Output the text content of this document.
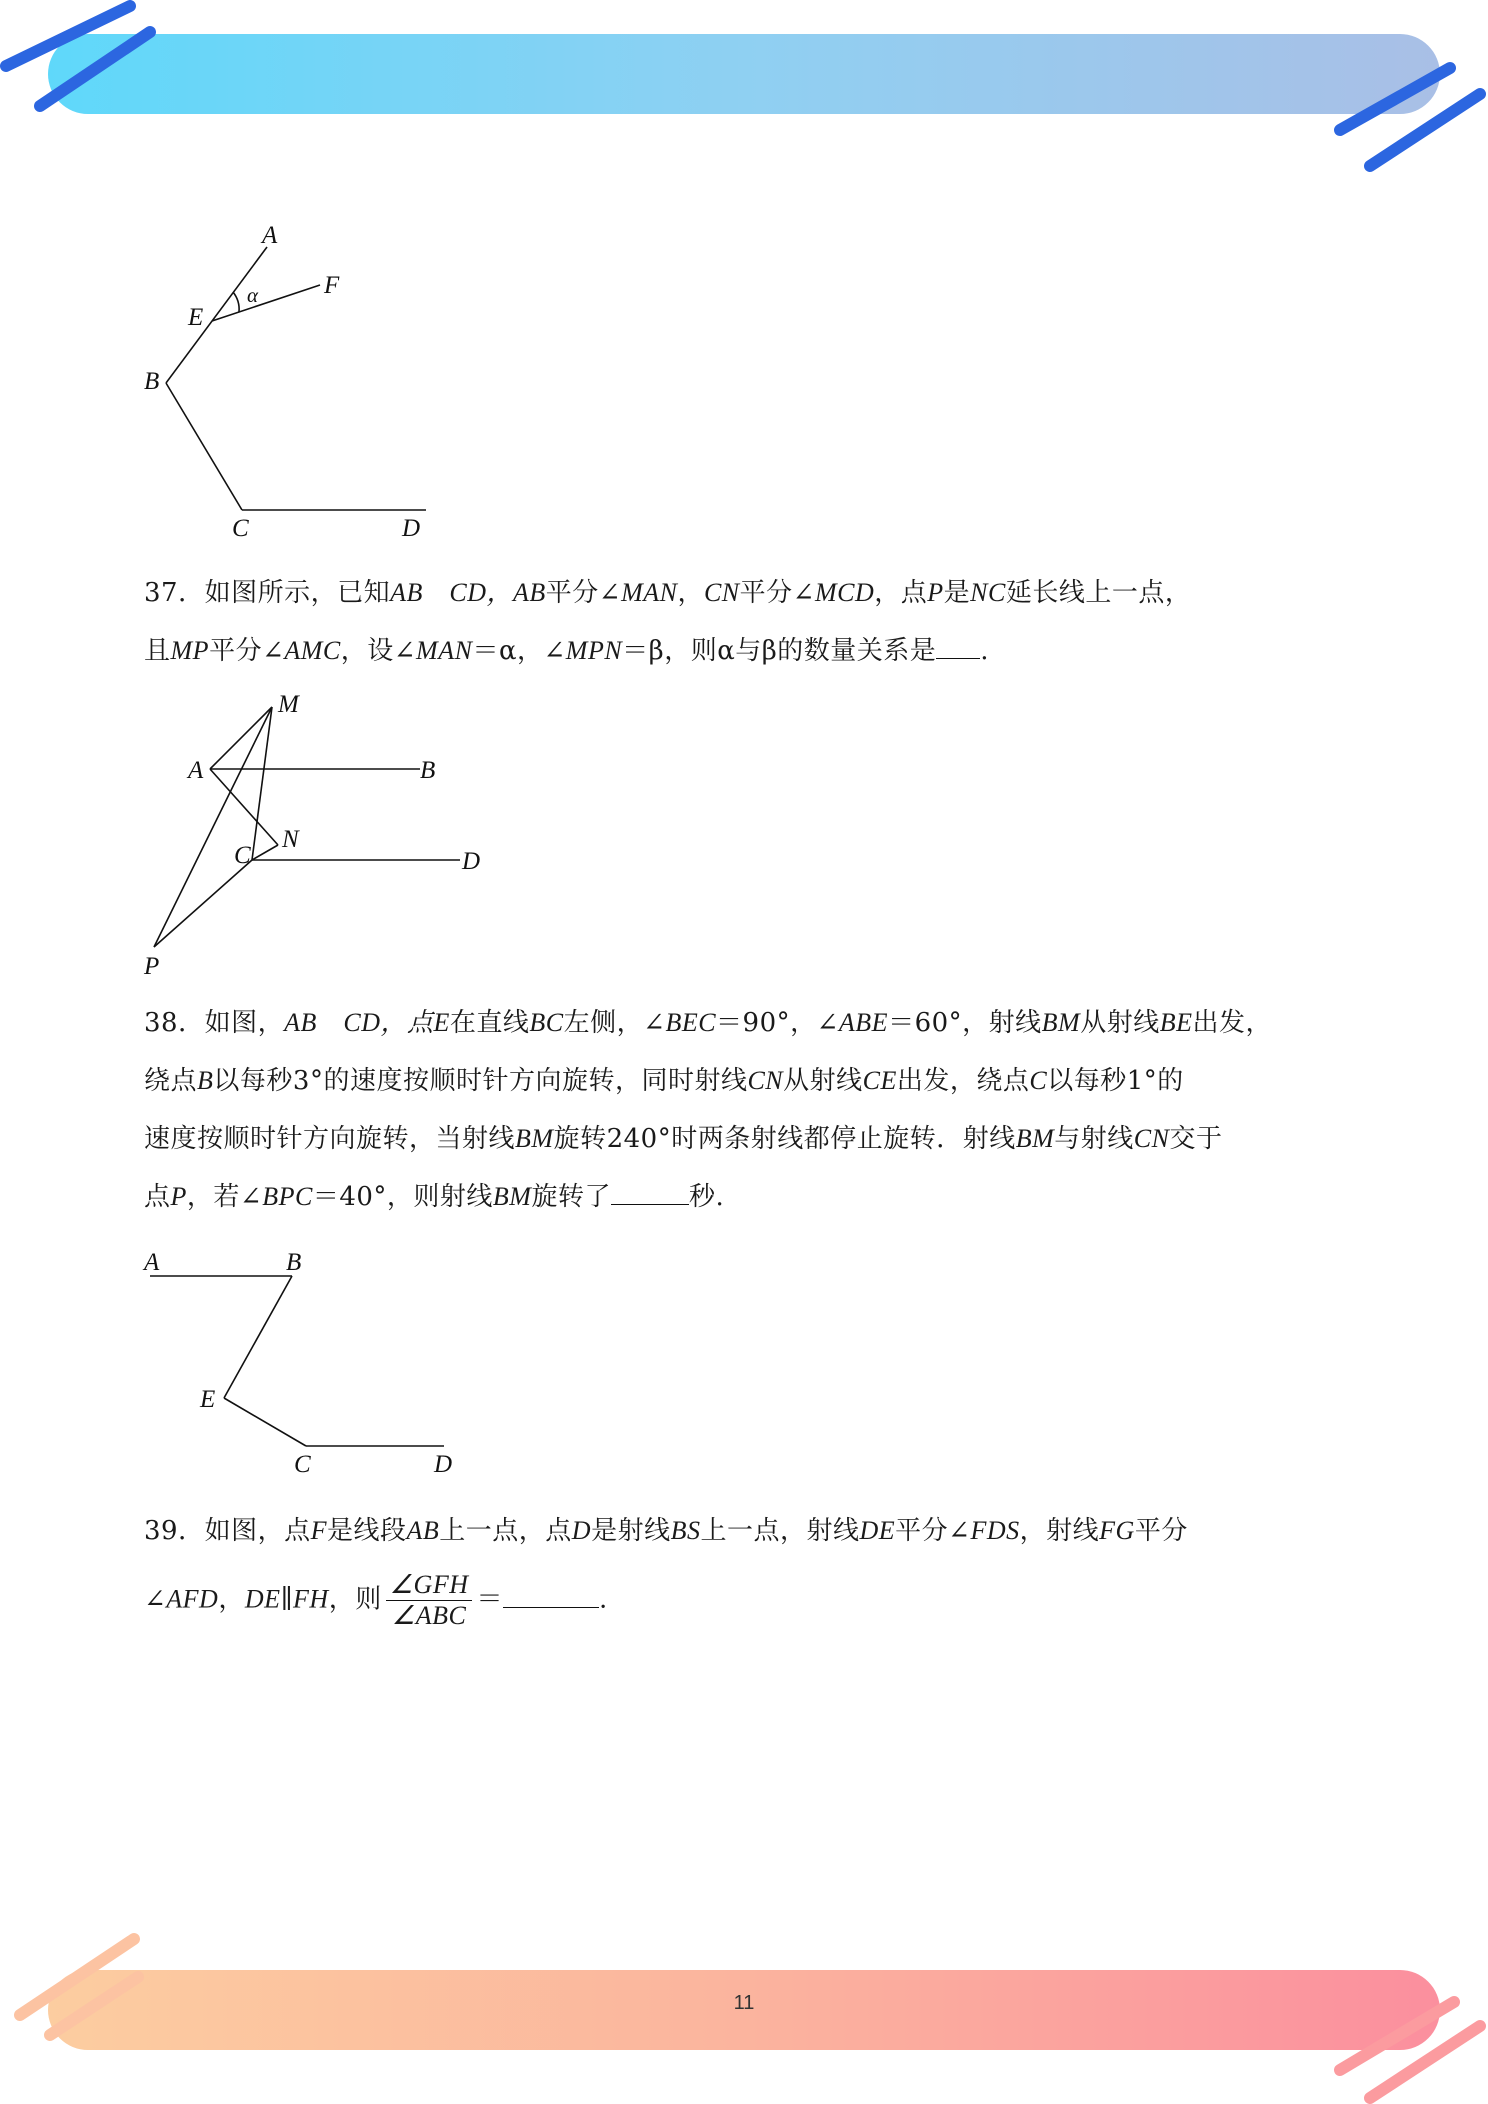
11
A
F
α
E
B
C	D
37．如图所示，已知AB　CD，AB平分∠MAN，CN平分∠MCD，点P是NC延长线上一点，
且MP平分∠AMC，设∠MAN＝α，∠MPN＝β，则α与β的数量关系是 .
M
A	B
N
C	D
P
38．如图，AB　CD，点E在直线BC左侧，∠BEC＝90°，∠ABE＝60°，射线BM从射线BE出发，
绕点B以每秒3°的速度按顺时针方向旋转，同时射线CN从射线CE出发，绕点C以每秒1°的
速度按顺时针方向旋转，当射线BM旋转240°时两条射线都停止旋转．射线BM与射线CN交于
点P，若∠BPC＝40°，则射线BM旋转了	秒.
A	B
E
C	D
39．如图，点F是线段AB上一点，点D是射线BS上一点，射线DE平分∠FDS，射线FG平分
∠AFD，DE∥FH，则 $\frac{\text{∠GFH}}{\text{∠ABC}}$ ＝	.
